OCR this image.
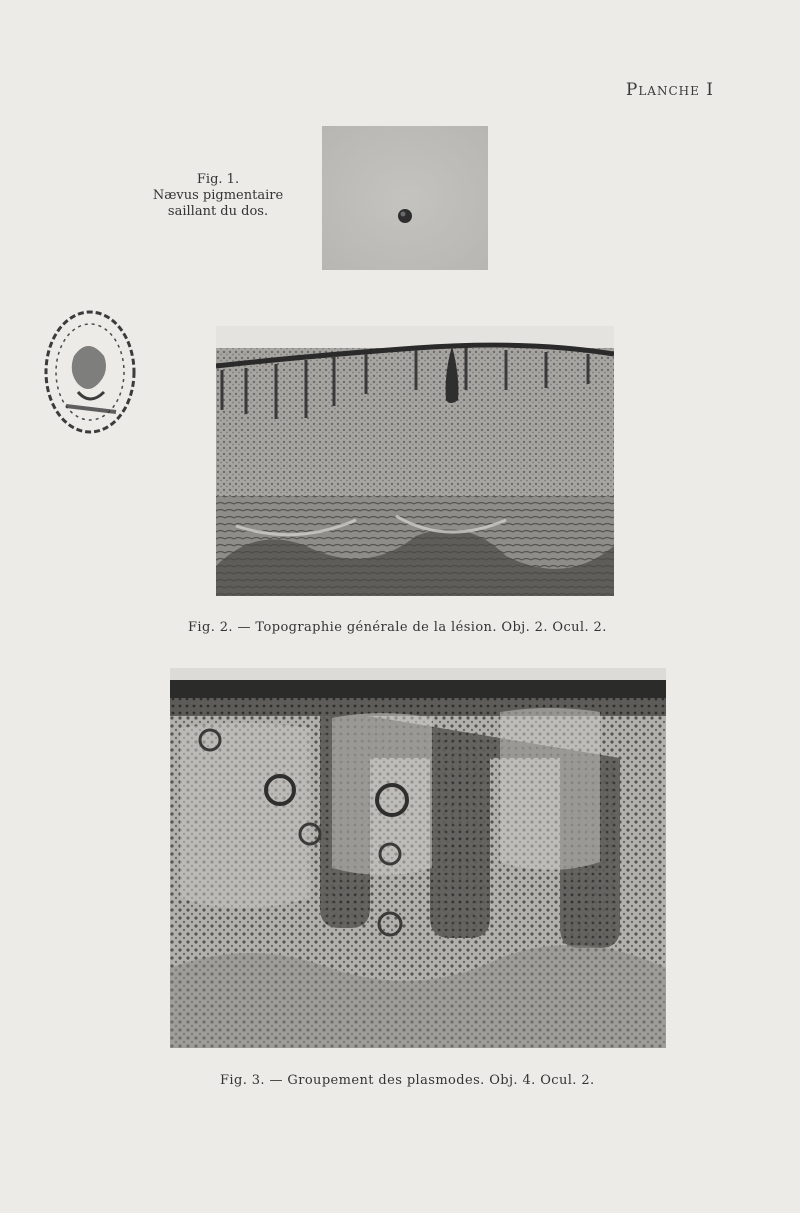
Planche I
Fig. 1.
Nævus pigmentaire
saillant du dos.
Fig. 2. — Topographie générale de la lésion. Obj. 2. Ocul. 2.
Fig. 3. — Groupement des plasmodes. Obj. 4. Ocul. 2.
